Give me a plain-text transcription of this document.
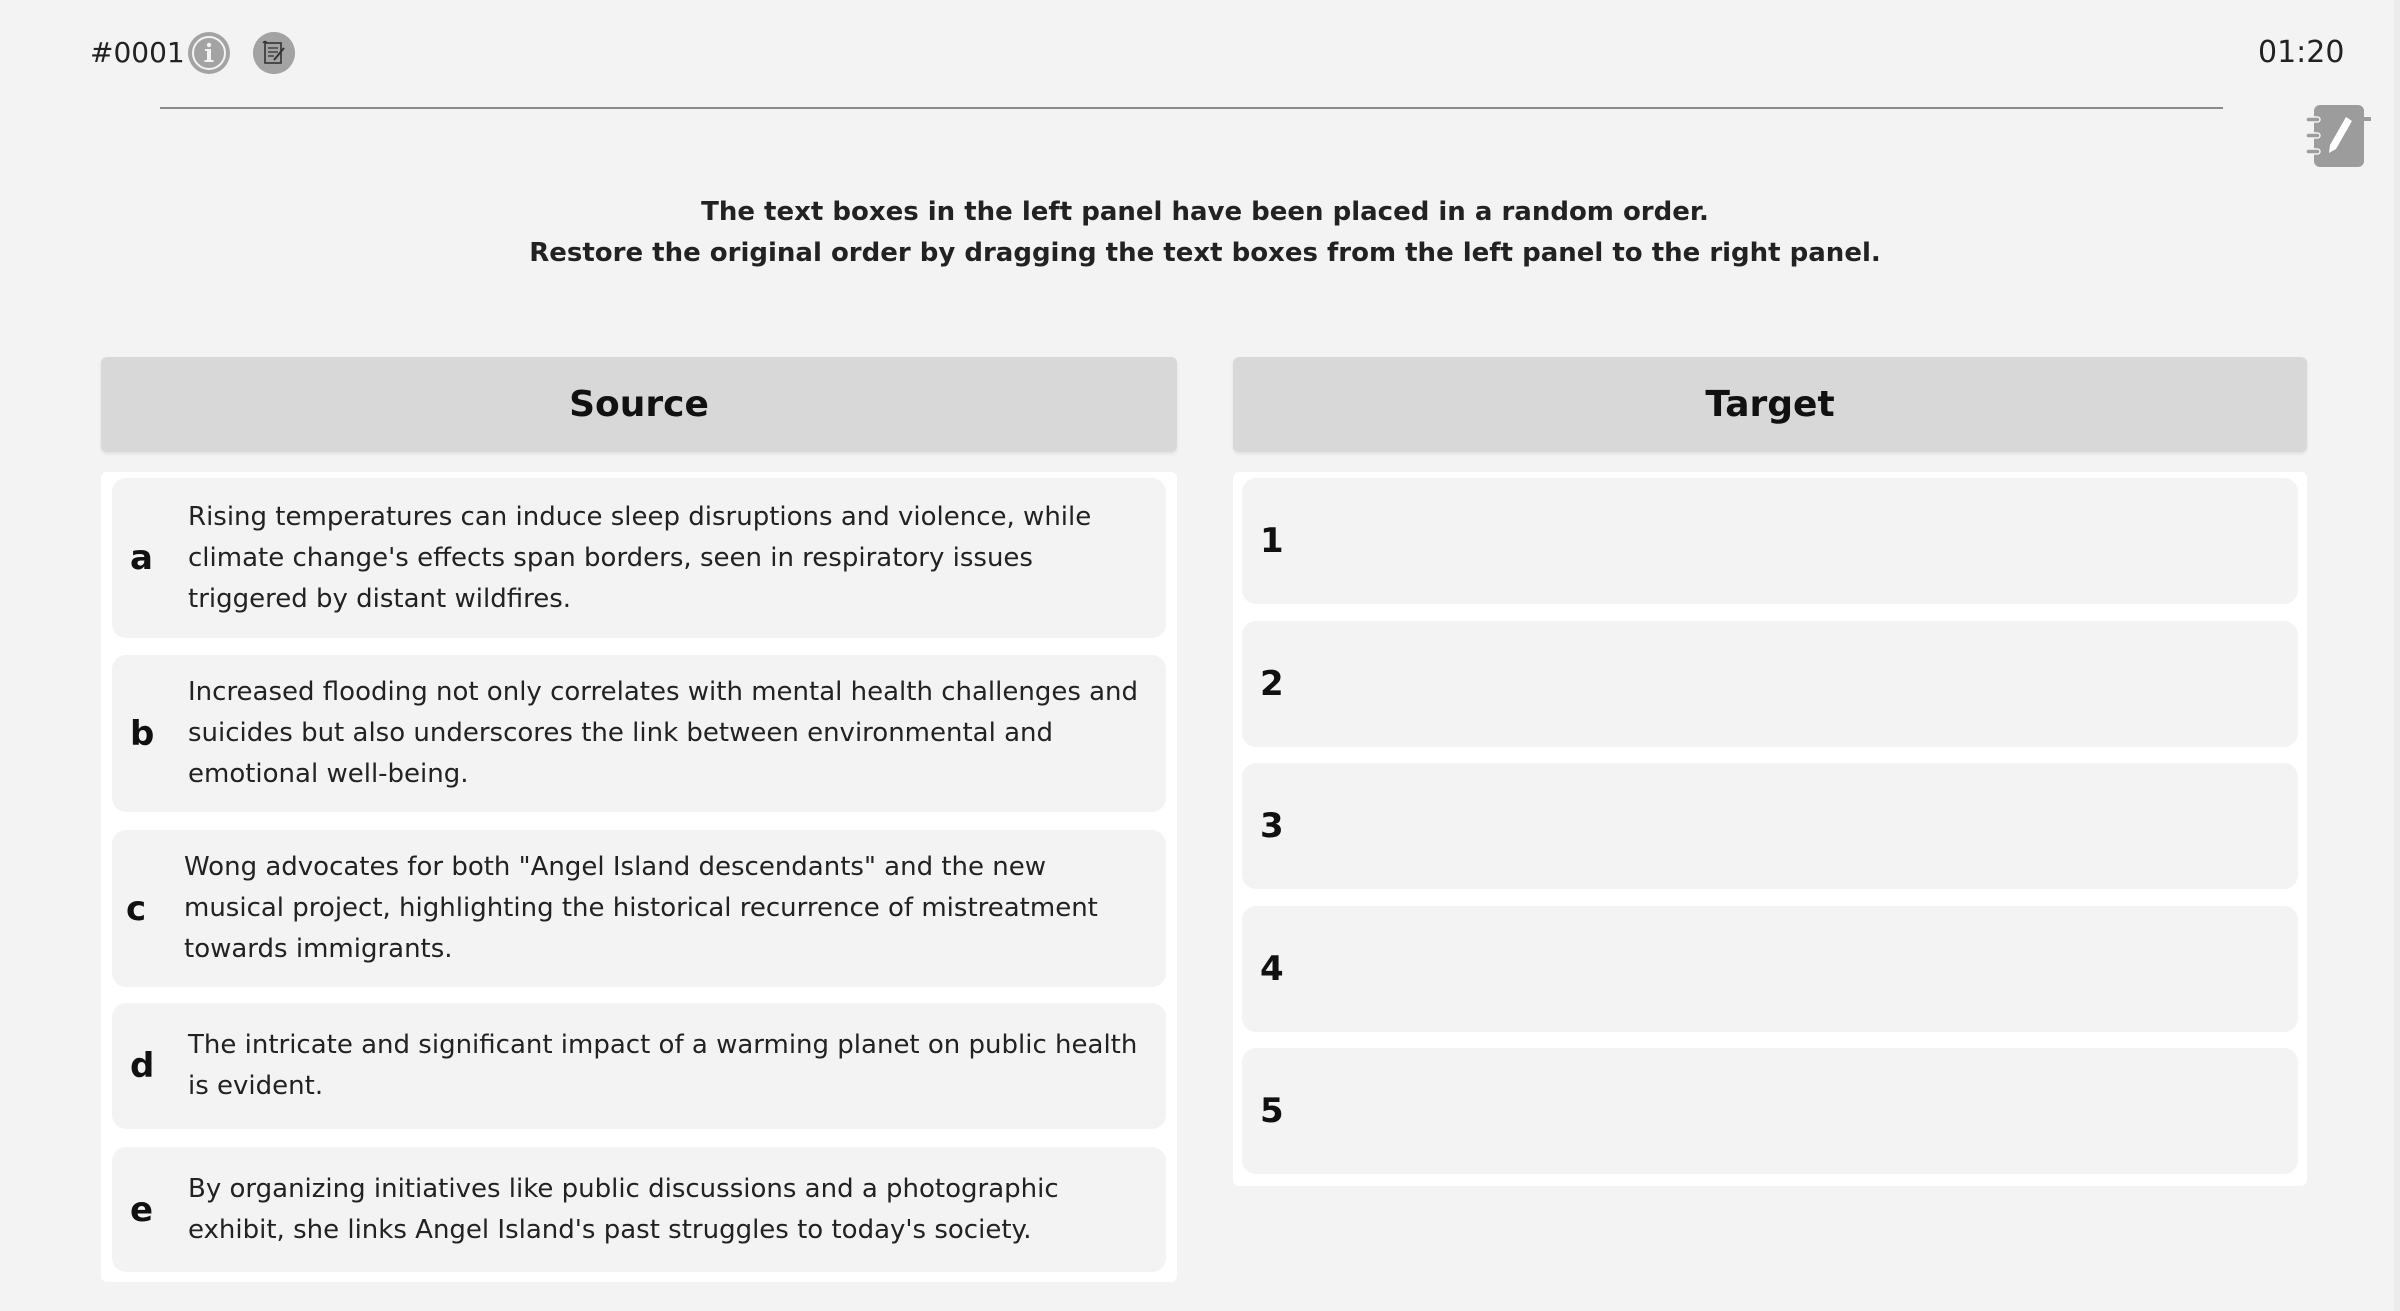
#0001	01:20
The text boxes in the left panel have been placed in a random order.
Restore the original order by dragging the text boxes from the left panel to the right panel.
Source
a
Rising temperatures can induce sleep disruptions and violence, while climate change's effects span borders, seen in respiratory issues triggered by distant wildfires.
b
Increased flooding not only correlates with mental health challenges and suicides but also underscores the link between environmental and emotional well-being.
c
Wong advocates for both "Angel Island descendants" and the new musical project, highlighting the historical recurrence of mistreatment towards immigrants.
d
The intricate and significant impact of a warming planet on public health is evident.
e
By organizing initiatives like public discussions and a photographic exhibit, she links Angel Island's past struggles to today's society.
Target
1
2
3
4
5
